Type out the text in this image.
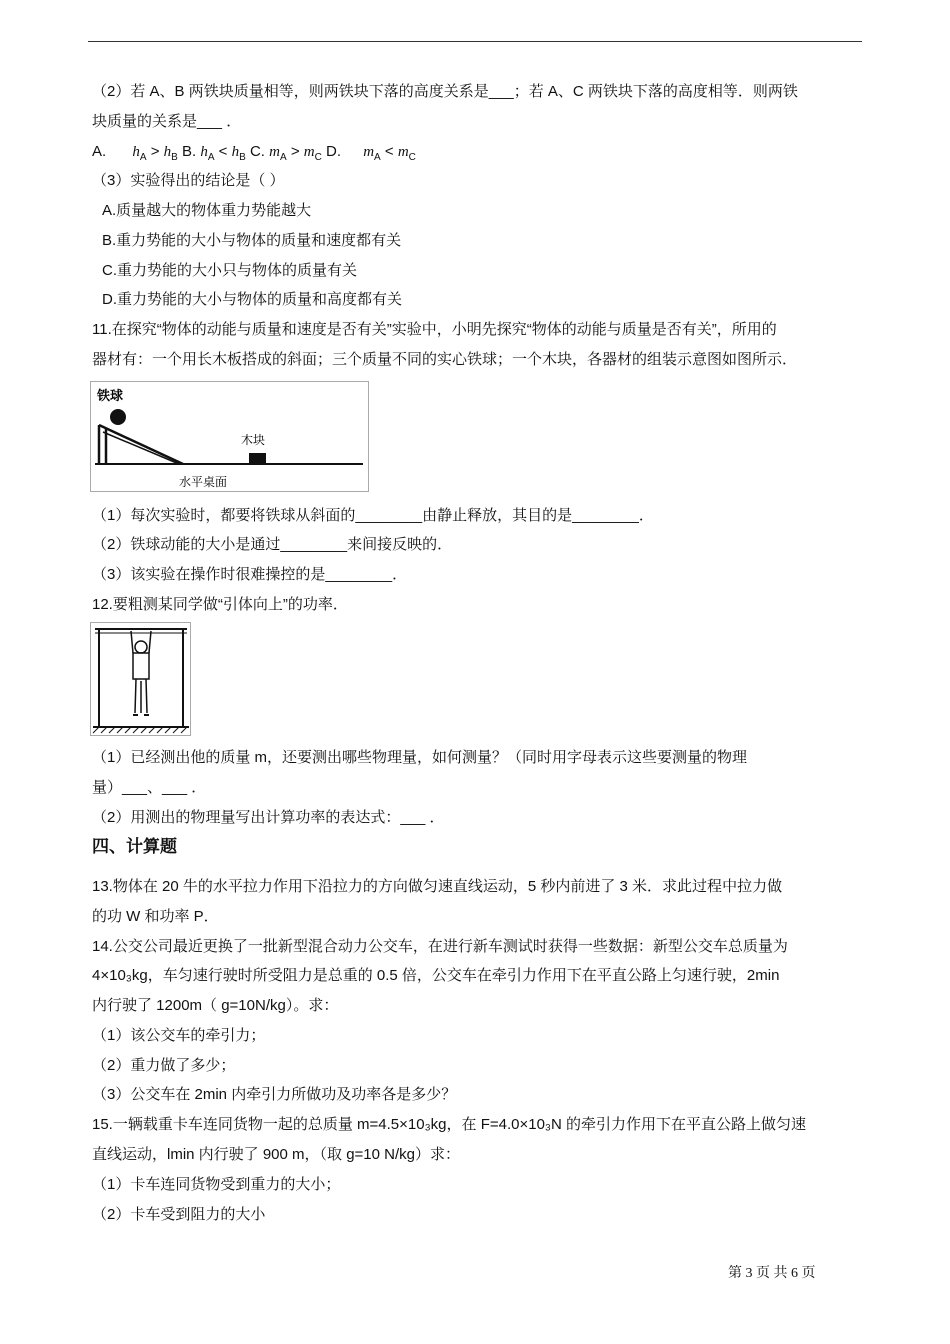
（2）若 A、B 两铁块质量相等，则两铁块下落的高度关系是___；若 A、C 两铁块下落的高度相等．则两铁
块质量的关系是___ ．
A. $h_A > h_B$ B. $h_A < h_B$ C. $m_A > m_C$ D. $m_A < m_C$
（3）实验得出的结论是（ ）
A.质量越大的物体重力势能越大
B.重力势能的大小与物体的质量和速度都有关
C.重力势能的大小只与物体的质量有关
D.重力势能的大小与物体的质量和高度都有关
11.在探究“物体的动能与质量和速度是否有关”实验中，小明先探究“物体的动能与质量是否有关”，所用的
器材有：一个用长木板搭成的斜面；三个质量不同的实心铁球；一个木块，各器材的组装示意图如图所示．
铁球
木块
水平桌面
（1）每次实验时，都要将铁球从斜面的________由静止释放，其目的是________．
（2）铁球动能的大小是通过________来间接反映的．
（3）该实验在操作时很难操控的是________．
12.要粗测某同学做“引体向上”的功率．
（1）已经测出他的质量 m，还要测出哪些物理量，如何测量？（同时用字母表示这些要测量的物理
量）___、___ ．
（2）用测出的物理量写出计算功率的表达式：___ ．
四、计算题
13.物体在 20 牛的水平拉力作用下沿拉力的方向做匀速直线运动，5 秒内前进了 3 米．求此过程中拉力做
的功 W 和功率 P．
14.公交公司最近更换了一批新型混合动力公交车，在进行新车测试时获得一些数据：新型公交车总质量为
4×10₃kg，车匀速行驶时所受阻力是总重的 0.5 倍，公交车在牵引力作用下在平直公路上匀速行驶，2min
内行驶了 1200m（ g=10N/kg）。求：
（1）该公交车的牵引力；
（2）重力做了多少；
（3）公交车在 2min 内牵引力所做功及功率各是多少？
15.一辆载重卡车连同货物一起的总质量 m=4.5×10₃kg，在 F=4.0×10₃N 的牵引力作用下在平直公路上做匀速
直线运动，lmin 内行驶了 900 m，（取 g=10 N/kg）求：
（1）卡车连同货物受到重力的大小；
（2）卡车受到阻力的大小
第 3 页 共 6 页
